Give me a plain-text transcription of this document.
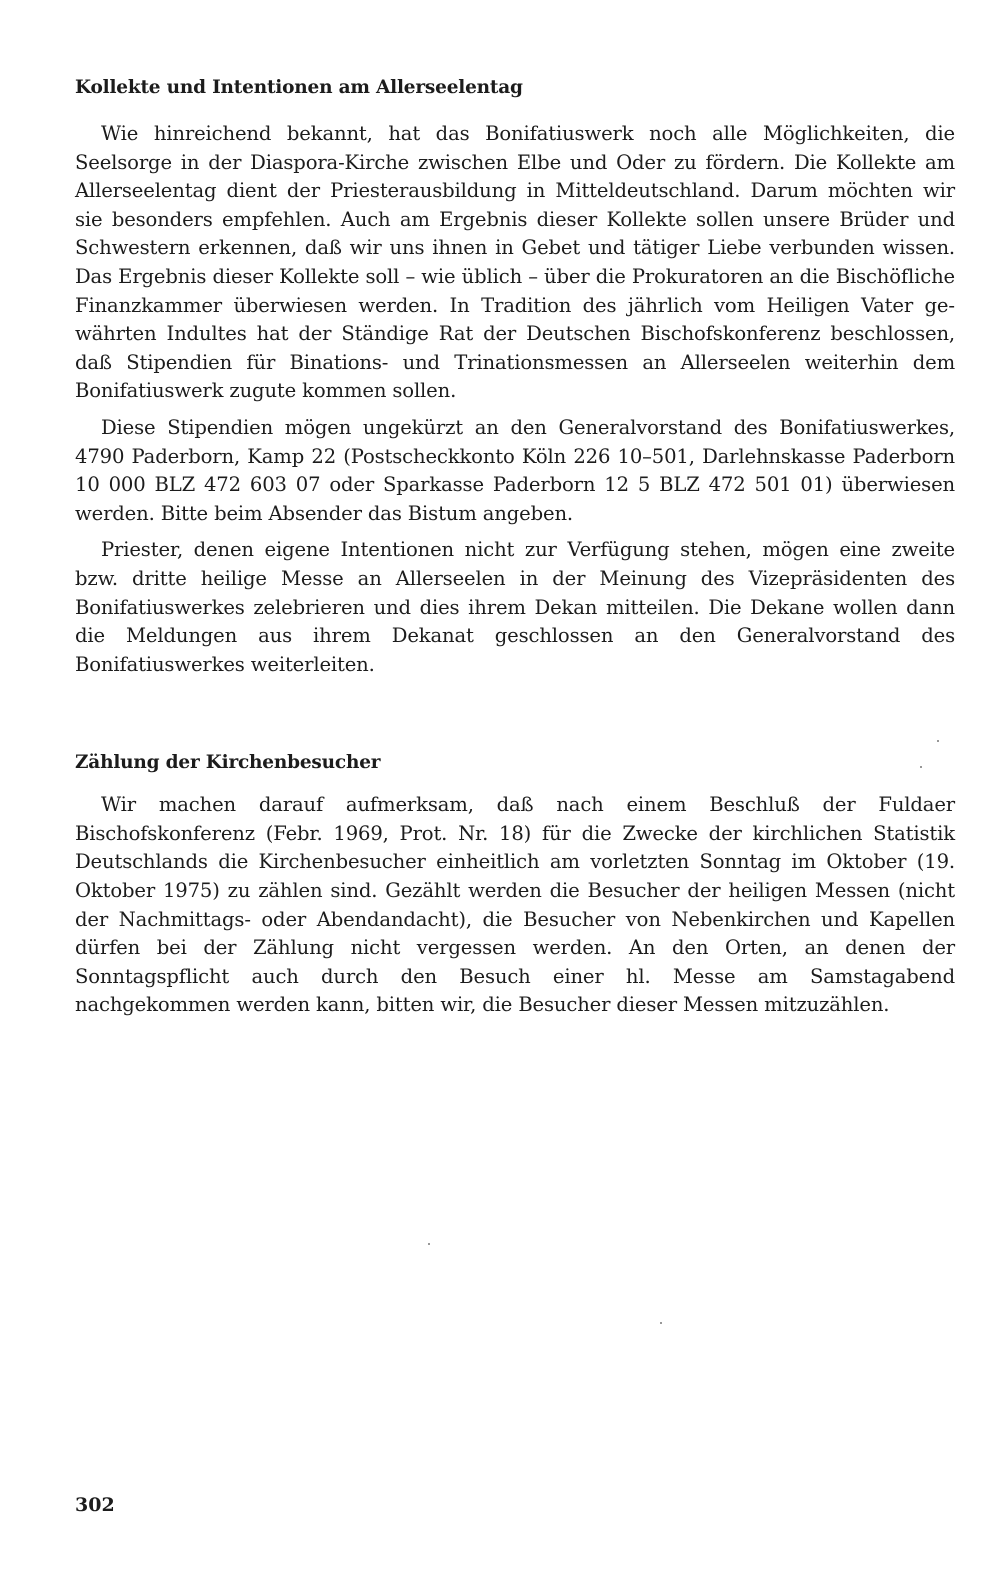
Kollekte und Intentionen am Allerseelentag

Wie hinreichend bekannt, hat das Bonifatiuswerk noch alle Möglichkeiten, die Seelsorge in der Diaspora-Kirche zwischen Elbe und Oder zu fördern. Die Kollekte am Allerseelentag dient der Priesterausbildung in Mitteldeutschland. Darum möchten wir sie besonders empfehlen. Auch am Ergebnis dieser Kollekte sollen unsere Brüder und Schwestern erkennen, daß wir uns ihnen in Gebet und tätiger Liebe verbunden wissen. Das Ergebnis dieser Kollekte soll – wie üblich – über die Prokuratoren an die Bischöfliche Finanzkammer überwiesen werden. In Tradition des jährlich vom Heiligen Vater gewährten Indultes hat der Ständige Rat der Deutschen Bischofskonferenz beschlossen, daß Stipendien für Binations- und Trinationsmessen an Allerseelen weiterhin dem Bonifatiuswerk zugute kommen sollen.

Diese Stipendien mögen ungekürzt an den Generalvorstand des Bonifatiuswerkes, 4790 Paderborn, Kamp 22 (Postscheckkonto Köln 226 10–501, Darlehnskasse Paderborn 10 000 BLZ 472 603 07 oder Sparkasse Paderborn 12 5 BLZ 472 501 01) überwiesen werden. Bitte beim Absender das Bistum angeben.

Priester, denen eigene Intentionen nicht zur Verfügung stehen, mögen eine zweite bzw. dritte heilige Messe an Allerseelen in der Meinung des Vizepräsidenten des Bonifatiuswerkes zelebrieren und dies ihrem Dekan mitteilen. Die Dekane wollen dann die Meldungen aus ihrem Dekanat geschlossen an den Generalvorstand des Bonifatiuswerkes weiterleiten.

Zählung der Kirchenbesucher

Wir machen darauf aufmerksam, daß nach einem Beschluß der Fuldaer Bischofskonferenz (Febr. 1969, Prot. Nr. 18) für die Zwecke der kirchlichen Statistik Deutschlands die Kirchenbesucher einheitlich am vorletzten Sonntag im Oktober (19. Oktober 1975) zu zählen sind. Gezählt werden die Besucher der heiligen Messen (nicht der Nachmittags- oder Abendandacht), die Besucher von Nebenkirchen und Kapellen dürfen bei der Zählung nicht vergessen werden. An den Orten, an denen der Sonntagspflicht auch durch den Besuch einer hl. Messe am Samstagabend nachgekommen werden kann, bitten wir, die Besucher dieser Messen mitzuzählen.

302
